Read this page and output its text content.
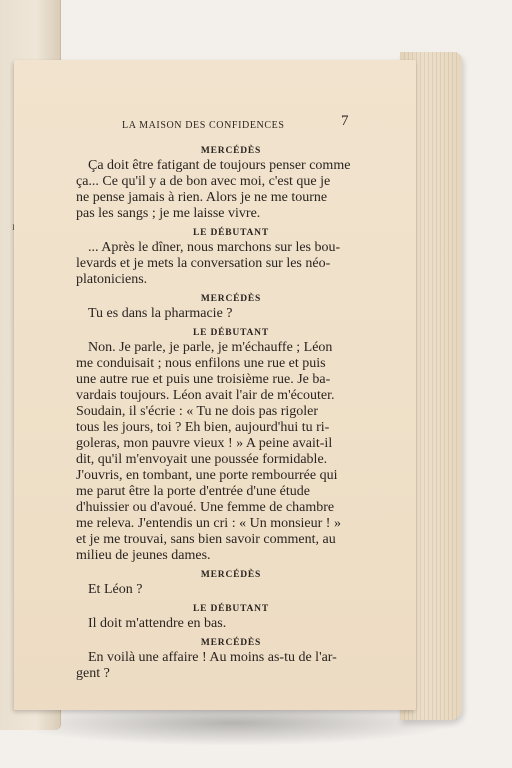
LA MAISON DES CONFIDENCES	7
MERCÉDÈS

Ça doit être fatigant de toujours penser comme
ça... Ce qu'il y a de bon avec moi, c'est que je
ne pense jamais à rien. Alors je ne me tourne
pas les sangs ; je me laisse vivre.

LE DÉBUTANT

... Après le dîner, nous marchons sur les bou-
levards et je mets la conversation sur les néo-
platoniciens.

MERCÉDÈS

Tu es dans la pharmacie ?

LE DÉBUTANT

Non. Je parle, je parle, je m'échauffe ; Léon
me conduisait ; nous enfilons une rue et puis
une autre rue et puis une troisième rue. Je ba-
vardais toujours. Léon avait l'air de m'écouter.
Soudain, il s'écrie : « Tu ne dois pas rigoler
tous les jours, toi ? Eh bien, aujourd'hui tu ri-
goleras, mon pauvre vieux ! » A peine avait-il
dit, qu'il m'envoyait une poussée formidable.
J'ouvris, en tombant, une porte rembourrée qui
me parut être la porte d'entrée d'une étude
d'huissier ou d'avoué. Une femme de chambre
me releva. J'entendis un cri : « Un monsieur ! »
et je me trouvai, sans bien savoir comment, au
milieu de jeunes dames.

MERCÉDÈS

Et Léon ?

LE DÉBUTANT

Il doit m'attendre en bas.

MERCÉDÈS

En voilà une affaire ! Au moins as-tu de l'ar-
gent ?
